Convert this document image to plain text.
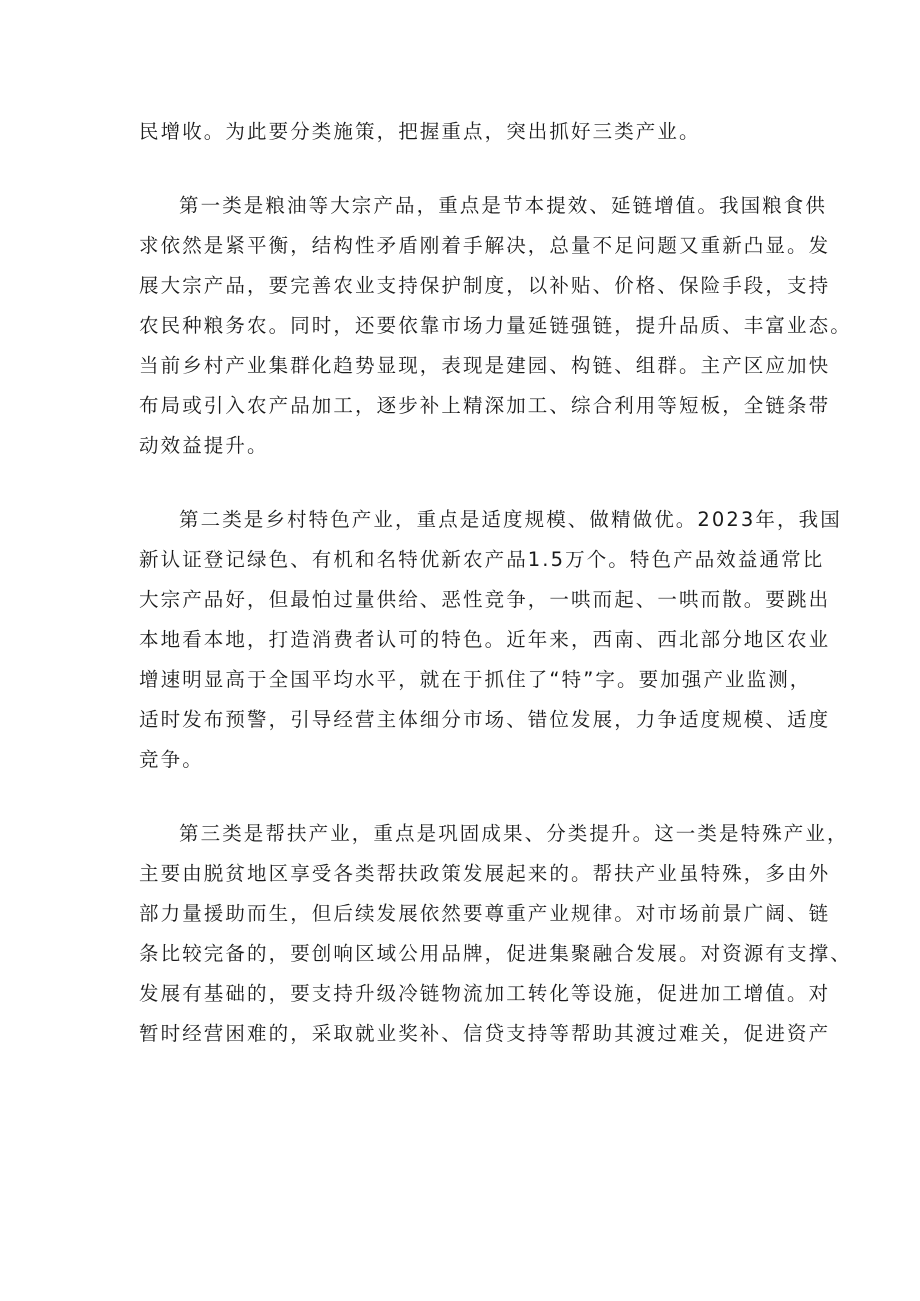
民增收。为此要分类施策，把握重点，突出抓好三类产业。
第一类是粮油等大宗产品，重点是节本提效、延链增值。我国粮食供
求依然是紧平衡，结构性矛盾刚着手解决，总量不足问题又重新凸显。发
展大宗产品，要完善农业支持保护制度，以补贴、价格、保险手段，支持
农民种粮务农。同时，还要依靠市场力量延链强链，提升品质、丰富业态。
当前乡村产业集群化趋势显现，表现是建园、构链、组群。主产区应加快
布局或引入农产品加工，逐步补上精深加工、综合利用等短板，全链条带
动效益提升。
第二类是乡村特色产业，重点是适度规模、做精做优。2023年，我国
新认证登记绿色、有机和名特优新农产品1.5万个。特色产品效益通常比
大宗产品好，但最怕过量供给、恶性竞争，一哄而起、一哄而散。要跳出
本地看本地，打造消费者认可的特色。近年来，西南、西北部分地区农业
增速明显高于全国平均水平，就在于抓住了“特”字。要加强产业监测，
适时发布预警，引导经营主体细分市场、错位发展，力争适度规模、适度
竞争。
第三类是帮扶产业，重点是巩固成果、分类提升。这一类是特殊产业，
主要由脱贫地区享受各类帮扶政策发展起来的。帮扶产业虽特殊，多由外
部力量援助而生，但后续发展依然要尊重产业规律。对市场前景广阔、链
条比较完备的，要创响区域公用品牌，促进集聚融合发展。对资源有支撑、
发展有基础的，要支持升级冷链物流加工转化等设施，促进加工增值。对
暂时经营困难的，采取就业奖补、信贷支持等帮助其渡过难关，促进资产
